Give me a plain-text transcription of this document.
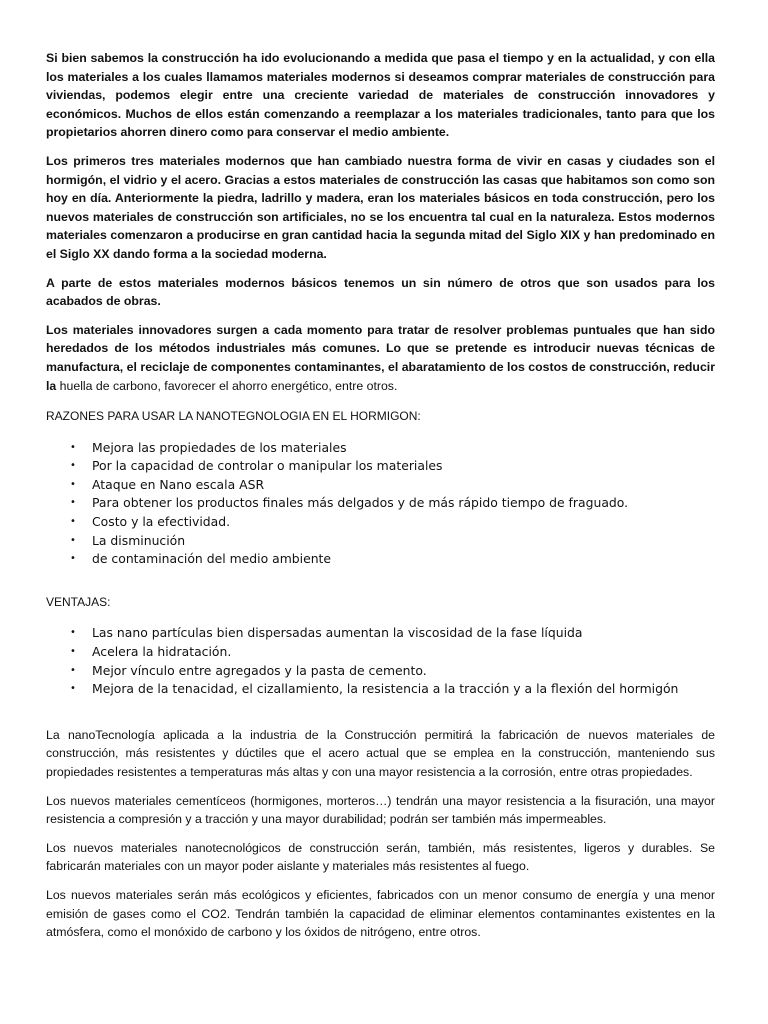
Si bien sabemos la construcción ha ido evolucionando a medida que pasa el tiempo y en la actualidad, y con ella los materiales a los cuales llamamos materiales modernos si deseamos comprar materiales de construcción para viviendas, podemos elegir entre una creciente variedad de materiales de construcción innovadores y económicos. Muchos de ellos están comenzando a reemplazar a los materiales tradicionales, tanto para que los propietarios ahorren dinero como para conservar el medio ambiente.

Los primeros tres materiales modernos que han cambiado nuestra forma de vivir en casas y ciudades son el hormigón, el vidrio y el acero. Gracias a estos materiales de construcción las casas que habitamos son como son hoy en día. Anteriormente la piedra, ladrillo y madera, eran los materiales básicos en toda construcción, pero los nuevos materiales de construcción son artificiales, no se los encuentra tal cual en la naturaleza. Estos modernos materiales comenzaron a producirse en gran cantidad hacia la segunda mitad del Siglo XIX y han predominado en el Siglo XX dando forma a la sociedad moderna.

A parte de estos materiales modernos básicos tenemos un sin número de otros que son usados para los acabados de obras.

Los materiales innovadores surgen a cada momento para tratar de resolver problemas puntuales que han sido heredados de los métodos industriales más comunes. Lo que se pretende es introducir nuevas técnicas de manufactura, el reciclaje de componentes contaminantes, el abaratamiento de los costos de construcción, reducir la huella de carbono, favorecer el ahorro energético, entre otros.

RAZONES PARA USAR LA NANOTEGNOLOGIA EN EL HORMIGON:
• Mejora las propiedades de los materiales
• Por la capacidad de controlar o manipular los materiales
• Ataque en Nano escala ASR
• Para obtener los productos finales más delgados y de más rápido tiempo de fraguado.
• Costo y la efectividad.
• La disminución
• de contaminación del medio ambiente
VENTAJAS:
• Las nano partículas bien dispersadas aumentan la viscosidad de la fase líquida
• Acelera la hidratación.
• Mejor vínculo entre agregados y la pasta de cemento.
• Mejora de la tenacidad, el cizallamiento, la resistencia a la tracción y a la flexión del hormigón

La nanoTecnología aplicada a la industria de la Construcción permitirá la fabricación de nuevos materiales de construcción, más resistentes y dúctiles que el acero actual que se emplea en la construcción, manteniendo sus propiedades resistentes a temperaturas más altas y con una mayor resistencia a la corrosión, entre otras propiedades.

Los nuevos materiales cementíceos (hormigones, morteros…) tendrán una mayor resistencia a la fisuración, una mayor resistencia a compresión y a tracción y una mayor durabilidad; podrán ser también más impermeables.

Los nuevos materiales nanotecnológicos de construcción serán, también, más resistentes, ligeros y durables. Se fabricarán materiales con un mayor poder aislante y materiales más resistentes al fuego.

Los nuevos materiales serán más ecológicos y eficientes, fabricados con un menor consumo de energía y una menor emisión de gases como el CO2. Tendrán también la capacidad de eliminar elementos contaminantes existentes en la atmósfera, como el monóxido de carbono y los óxidos de nitrógeno, entre otros.
